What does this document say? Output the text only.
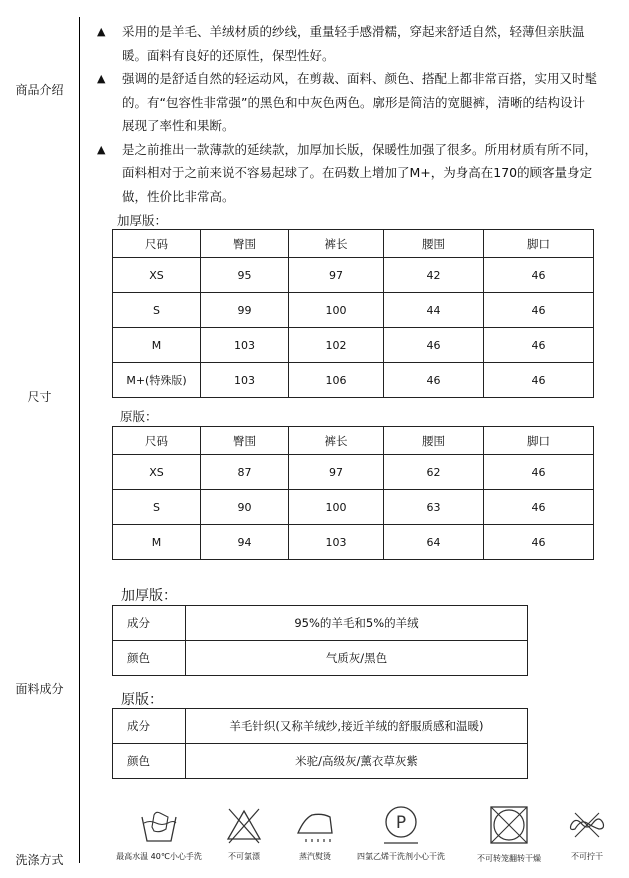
商品介绍
尺寸
面料成分
洗涤方式
▲ 采用的是羊毛、羊绒材质的纱线，重量轻手感滑糯，穿起来舒适自然，轻薄但亲肤温暖。面料有良好的还原性，保型性好。
▲ 强调的是舒适自然的轻运动风，在剪裁、面料、颜色、搭配上都非常百搭，实用又时髦的。有“包容性非常强”的黑色和中灰色两色。廓形是简洁的宽腿裤，清晰的结构设计展现了率性和果断。
▲ 是之前推出一款薄款的延续款，加厚加长版，保暖性加强了很多。所用材质有所不同，面料相对于之前来说不容易起球了。在码数上增加了M+，为身高在170的顾客量身定做，性价比非常高。
加厚版：
尺码	臀围	裤长	腰围	脚口
XS	95	97	42	46
S	99	100	44	46
M	103	102	46	46
M+(特殊版)	103	106	46	46
原版：
尺码	臀围	裤长	腰围	脚口
XS	87	97	62	46
S	90	100	63	46
M	94	103	64	46
加厚版：
成分	95%的羊毛和5%的羊绒
颜色	气质灰/黑色
原版：
成分	羊毛针织(又称羊绒纱,接近羊绒的舒服质感和温暖)
颜色	米驼/高级灰/薰衣草灰紫
最高水温 40℃小心手洗	不可氯漂	蒸汽熨烫
P
四氯乙烯干洗剂小心干洗	不可转笼翻转干燥	不可拧干
